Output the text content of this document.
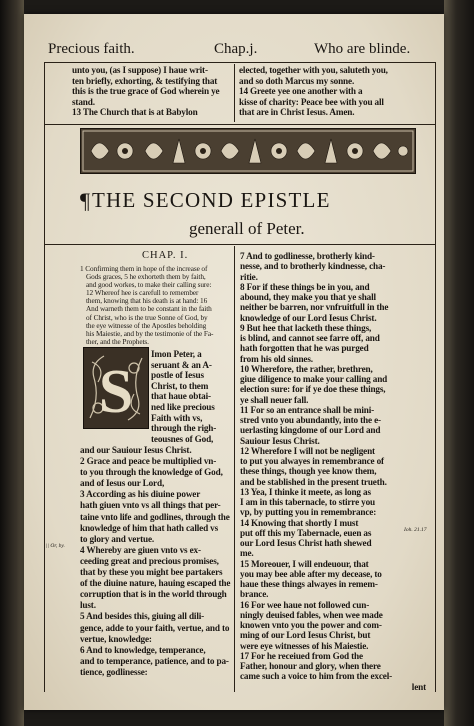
Precious faith.	Chap.j.	Who are blinde.
unto you, (as I suppose) I haue writ-
ten briefly, exhorting, & testifying that
this is the true grace of God wherein ye
stand.
13 The Church that is at Babylon
elected, together with you, saluteth you,
and so doth Marcus my sonne.
14 Greete yee one another with a
kisse of charity: Peace bee with you all
that are in Christ Iesus. Amen.
¶ THE SECOND EPISTLE
generall of Peter.
CHAP. I.
1 Confirming them in hope of the increase of
Gods graces, 5 he exhorteth them by faith,
and good workes, to make their calling sure:
12 Whereof hee is carefull to remember
them, knowing that his death is at hand: 16
And warneth them to be constant in the faith
of Christ, who is the true Sonne of God, by
the eye witnesse of the Apostles beholding
his Maiestie, and by the testimonie of the Fa-
ther, and the Prophets.
S
Imon Peter, a
seruant & an A-
postle of Iesus
Christ, to them
that haue obtai-
ned like precious
Faith with vs,
through the righ-
teousnes of God,
and our Sauiour Iesus Christ.
2 Grace and peace be multiplied vn-
to you through the knowledge of God,
and of Iesus our Lord,
3 According as his diuine power
hath giuen vnto vs all things that per-
taine vnto life and godlines, through the
knowledge of him that hath called vs
to glory and vertue.
4 Whereby are giuen vnto vs ex-
ceeding great and precious promises,
that by these you might bee partakers
of the diuine nature, hauing escaped the
corruption that is in the world through
lust.
5 And besides this, giuing all dili-
gence, adde to your faith, vertue, and to
vertue, knowledge:
6 And to knowledge, temperance,
and to temperance, patience, and to pa-
tience, godlinesse:
7 And to godlinesse, brotherly kind-
nesse, and to brotherly kindnesse, cha-
ritie.
8 For if these things be in you, and
abound, they make you that ye shall
neither be barren, nor vnfruitfull in the
knowledge of our Lord Iesus Christ.
9 But hee that lacketh these things,
is blind, and cannot see farre off, and
hath forgotten that he was purged
from his old sinnes.
10 Wherefore, the rather, brethren,
giue diligence to make your calling and
election sure: for if ye doe these things,
ye shall neuer fall.
11 For so an entrance shall be mini-
stred vnto you abundantly, into the e-
uerlasting kingdome of our Lord and
Sauiour Iesus Christ.
12 Wherefore I will not be negligent
to put you alwayes in remembrance of
these things, though yee know them,
and be stablished in the present trueth.
13 Yea, I thinke it meete, as long as
I am in this tabernacle, to stirre you
vp, by putting you in remembrance:
14 Knowing that shortly I must
put off this my Tabernacle, euen as
our Lord Iesus Christ hath shewed
me.
15 Moreouer, I will endeuour, that
you may bee able after my decease, to
haue these things alwayes in remem-
brance.
16 For wee haue not followed cun-
ningly deuised fables, when wee made
knowen vnto you the power and com-
ming of our Lord Iesus Christ, but
were eye witnesses of his Maiestie.
17 For he receiued from God the
Father, honour and glory, when there
came such a voice to him from the excel-
lent
|| Or, by.
Ioh. 21.17
